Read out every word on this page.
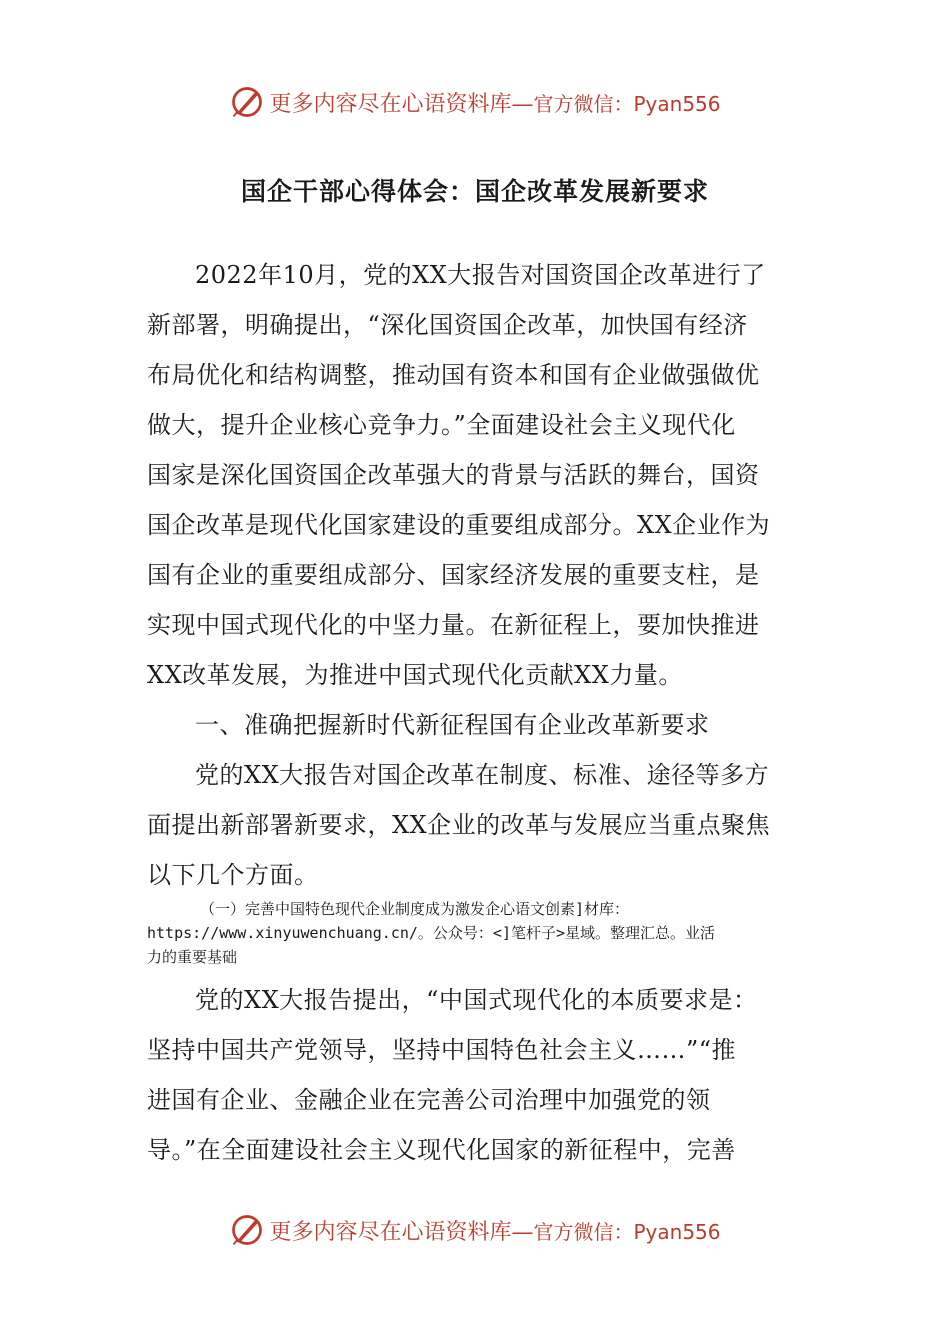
更多内容尽在心语资料库— 官方微信：Pyan556
国企干部心得体会：国企改革发展新要求
2022年10月，党的XX大报告对国资国企改革进行了
新部署，明确提出，“深化国资国企改革，加快国有经济
布局优化和结构调整，推动国有资本和国有企业做强做优
做大，提升企业核心竞争力。”全面建设社会主义现代化
国家是深化国资国企改革强大的背景与活跃的舞台，国资
国企改革是现代化国家建设的重要组成部分。XX企业作为
国有企业的重要组成部分、国家经济发展的重要支柱，是
实现中国式现代化的中坚力量。在新征程上，要加快推进
XX改革发展，为推进中国式现代化贡献XX力量。
一、准确把握新时代新征程国有企业改革新要求
党的XX大报告对国企改革在制度、标准、途径等多方
面提出新部署新要求，XX企业的改革与发展应当重点聚焦
以下几个方面。
（一）完善中国特色现代企业制度成为激发企心语文创素]材库：
https://www.xinyuwenchuang.cn/。公众号：<]笔杆子>星域。整理汇总。业活
力的重要基础
党的XX大报告提出，“中国式现代化的本质要求是：
坚持中国共产党领导，坚持中国特色社会主义……”“推
进国有企业、金融企业在完善公司治理中加强党的领
导。”在全面建设社会主义现代化国家的新征程中，完善
更多内容尽在心语资料库— 官方微信：Pyan556
